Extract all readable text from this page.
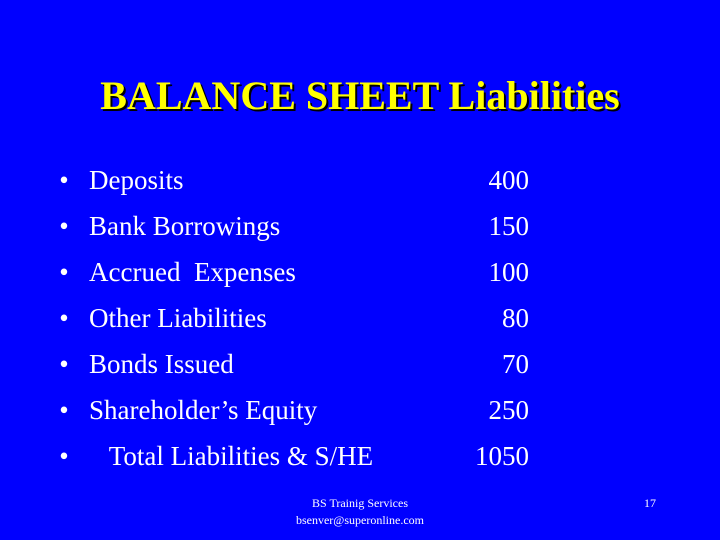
BALANCE SHEET Liabilities
• Deposits	400
• Bank Borrowings	150
• Accrued  Expenses	100
• Other Liabilities	80
• Bonds Issued	70
• Shareholder’s Equity	250
• Total Liabilities & S/HE	1050
BS Trainig Services
bsenver@superonline.com
17
